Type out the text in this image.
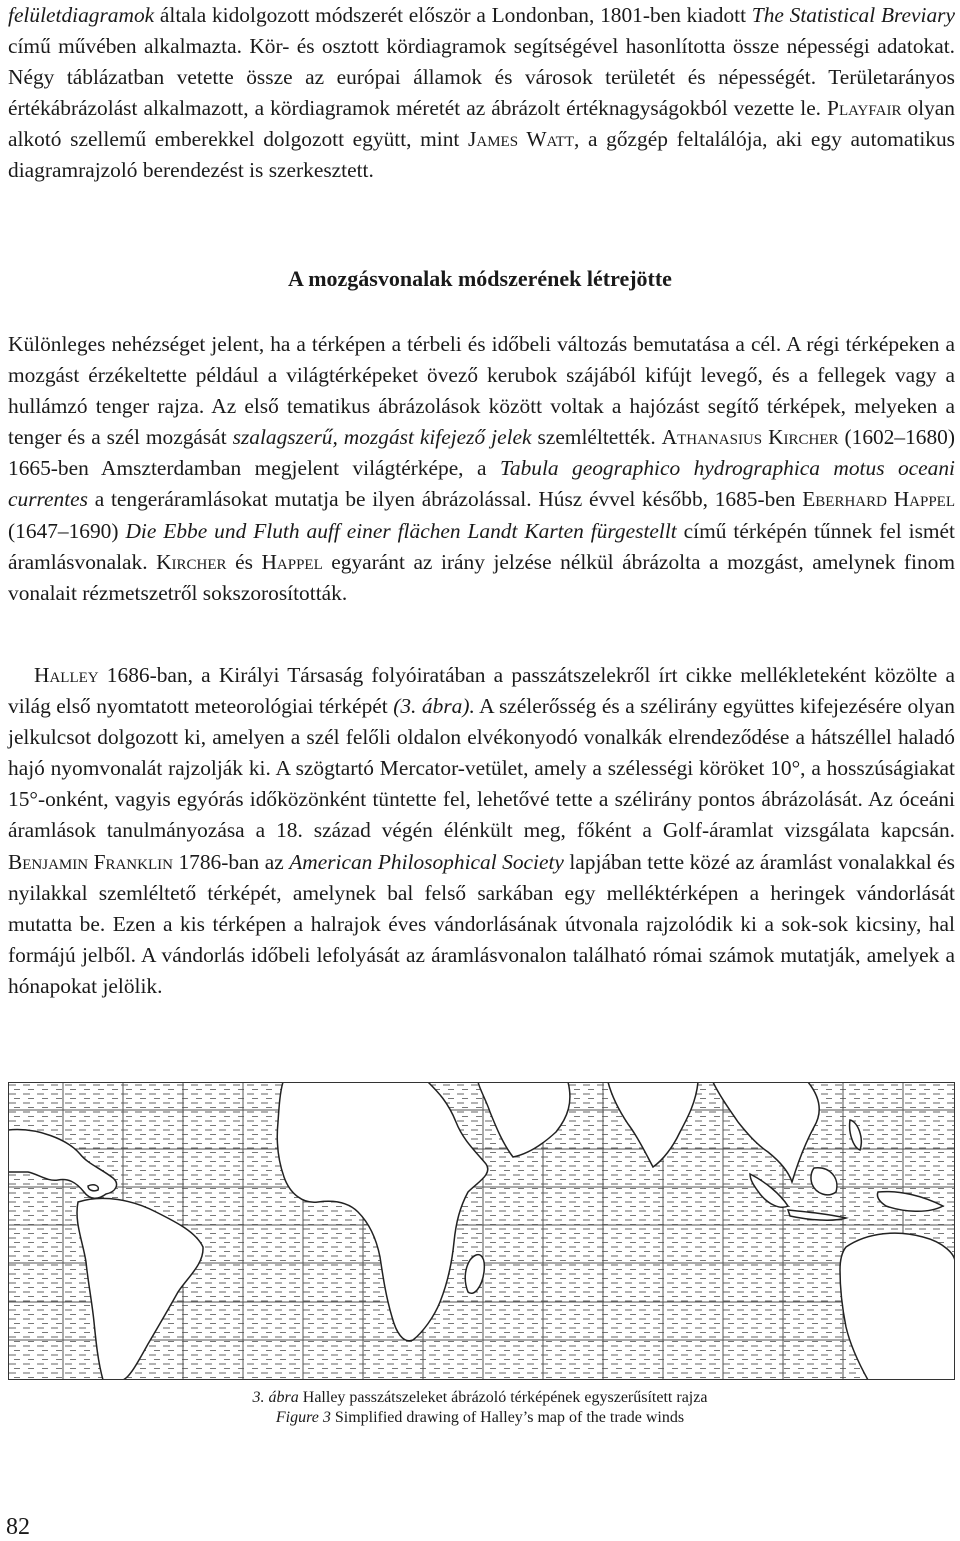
felületdiagramok általa kidolgozott módszerét először a Londonban, 1801-ben kiadott The Statistical Breviary című művében alkalmazta. Kör- és osztott kördiagramok segítségével hasonlította össze népességi adatokat. Négy táblázatban vetette össze az európai államok és városok területét és népességét. Területarányos értékábrázolást alkalmazott, a kördiagramok méretét az ábrázolt értéknagyságokból vezette le. Playfair olyan alkotó szellemű emberekkel dolgozott együtt, mint James Watt, a gőzgép feltalálója, aki egy automatikus diagramrajzoló berendezést is szerkesztett.

A mozgásvonalak módszerének létrejötte

Különleges nehézséget jelent, ha a térképen a térbeli és időbeli változás bemutatása a cél. A régi térképeken a mozgást érzékeltette például a világtérképeket övező kerubok szájából kifújt levegő, és a fellegek vagy a hullámzó tenger rajza. Az első tematikus ábrázolások között voltak a hajózást segítő térképek, melyeken a tenger és a szél mozgását szalagszerű, mozgást kifejező jelek szemléltették. Athanasius Kircher (1602–1680) 1665-ben Amszterdamban megjelent világtérképe, a Tabula geographico hydrographica motus oceani currentes a tengeráramlásokat mutatja be ilyen ábrázolással. Húsz évvel később, 1685-ben Eberhard Happel (1647–1690) Die Ebbe und Fluth auff einer flächen Landt Karten fürgestellt című térképén tűnnek fel ismét áramlásvonalak. Kircher és Happel egyaránt az irány jelzése nélkül ábrázolta a mozgást, amelynek finom vonalait rézmetszetről sokszorosították.

Halley 1686-ban, a Királyi Társaság folyóiratában a passzátszelekről írt cikke mellékleteként közölte a világ első nyomtatott meteorológiai térképét (3. ábra). A szélerősség és a szélirány együttes kifejezésére olyan jelkulcsot dolgozott ki, amelyen a szél felőli oldalon elvékonyodó vonalkák elrendeződése a hátszéllel haladó hajó nyomvonalát rajzolják ki. A szögtartó Mercator-vetület, amely a szélességi köröket 10°, a hosszúságiakat 15°-onként, vagyis egyórás időközönként tüntette fel, lehetővé tette a szélirány pontos ábrázolását. Az óceáni áramlások tanulmányozása a 18. század végén élénkült meg, főként a Golf-áramlat vizsgálata kapcsán. Benjamin Franklin 1786-ban az American Philosophical Society lapjában tette közé az áramlást vonalakkal és nyilakkal szemléltető térképét, amelynek bal felső sarkában egy melléktérképen a heringek vándorlását mutatta be. Ezen a kis térképen a halrajok éves vándorlásának útvonala rajzolódik ki a sok-sok kicsiny, hal formájú jelből. A vándorlás időbeli lefolyását az áramlásvonalon található római számok mutatják, amelyek a hónapokat jelölik.

3. ábra Halley passzátszeleket ábrázoló térképének egyszerűsített rajza

Figure 3 Simplified drawing of Halley’s map of the trade winds

82
